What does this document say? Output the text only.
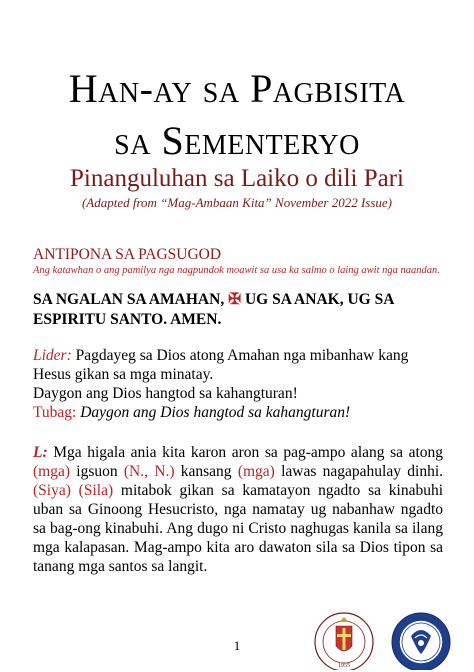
Han-ay sa Pagbisita
sa Sementeryo
Pinanguluhan sa Laiko o dili Pari
(Adapted from “Mag-Ambaan Kita” November 2022 Issue)
ANTIPONA SA PAGSUGOD
Ang katawhan o ang pamilya nga nagpundok moawit sa usa ka salmo o laing awit nga naandan.
SA NGALAN SA AMAHAN, ✠ UG SA ANAK, UG SA ESPIRITU SANTO. AMEN.
Lider: Pagdayeg sa Dios atong Amahan nga mibanhaw kang Hesus gikan sa mga minatay.
Daygon ang Dios hangtod sa kahangturan!
Tubag: Daygon ang Dios hangtod sa kahangturan!
L: Mga higala ania kita karon aron sa pag-ampo alang sa atong (mga) igsuon (N., N.) kansang (mga) lawas nagapahulay dinhi. (Siya) (Sila) mitabok gikan sa kamatayon ngadto sa kinabuhi uban sa Ginoong Hesucristo, nga namatay ug nabanhaw ngadto sa bag-ong kinabuhi. Ang dugo ni Cristo naghugas kanila sa ilang mga kalapasan. Mag-ampo kita aro dawaton sila sa Dios tipon sa tanang mga santos sa langit.
1
1955
